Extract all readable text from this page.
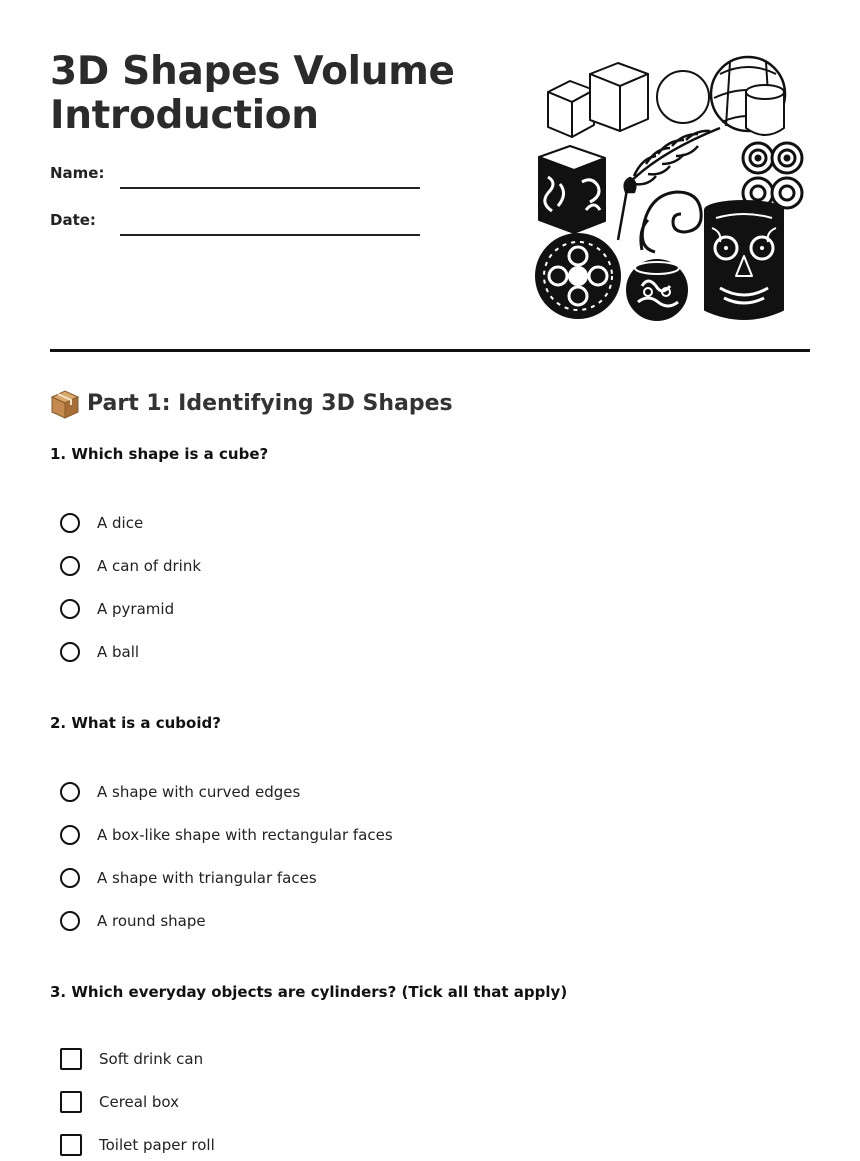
3D Shapes Volume
Introduction
Name:
Date:
Part 1: Identifying 3D Shapes

1. Which shape is a cube?

A dice
A can of drink
A pyramid
A ball

2. What is a cuboid?

A shape with curved edges
A box-like shape with rectangular faces
A shape with triangular faces
A round shape

3. Which everyday objects are cylinders? (Tick all that apply)

Soft drink can
Cereal box
Toilet paper roll
